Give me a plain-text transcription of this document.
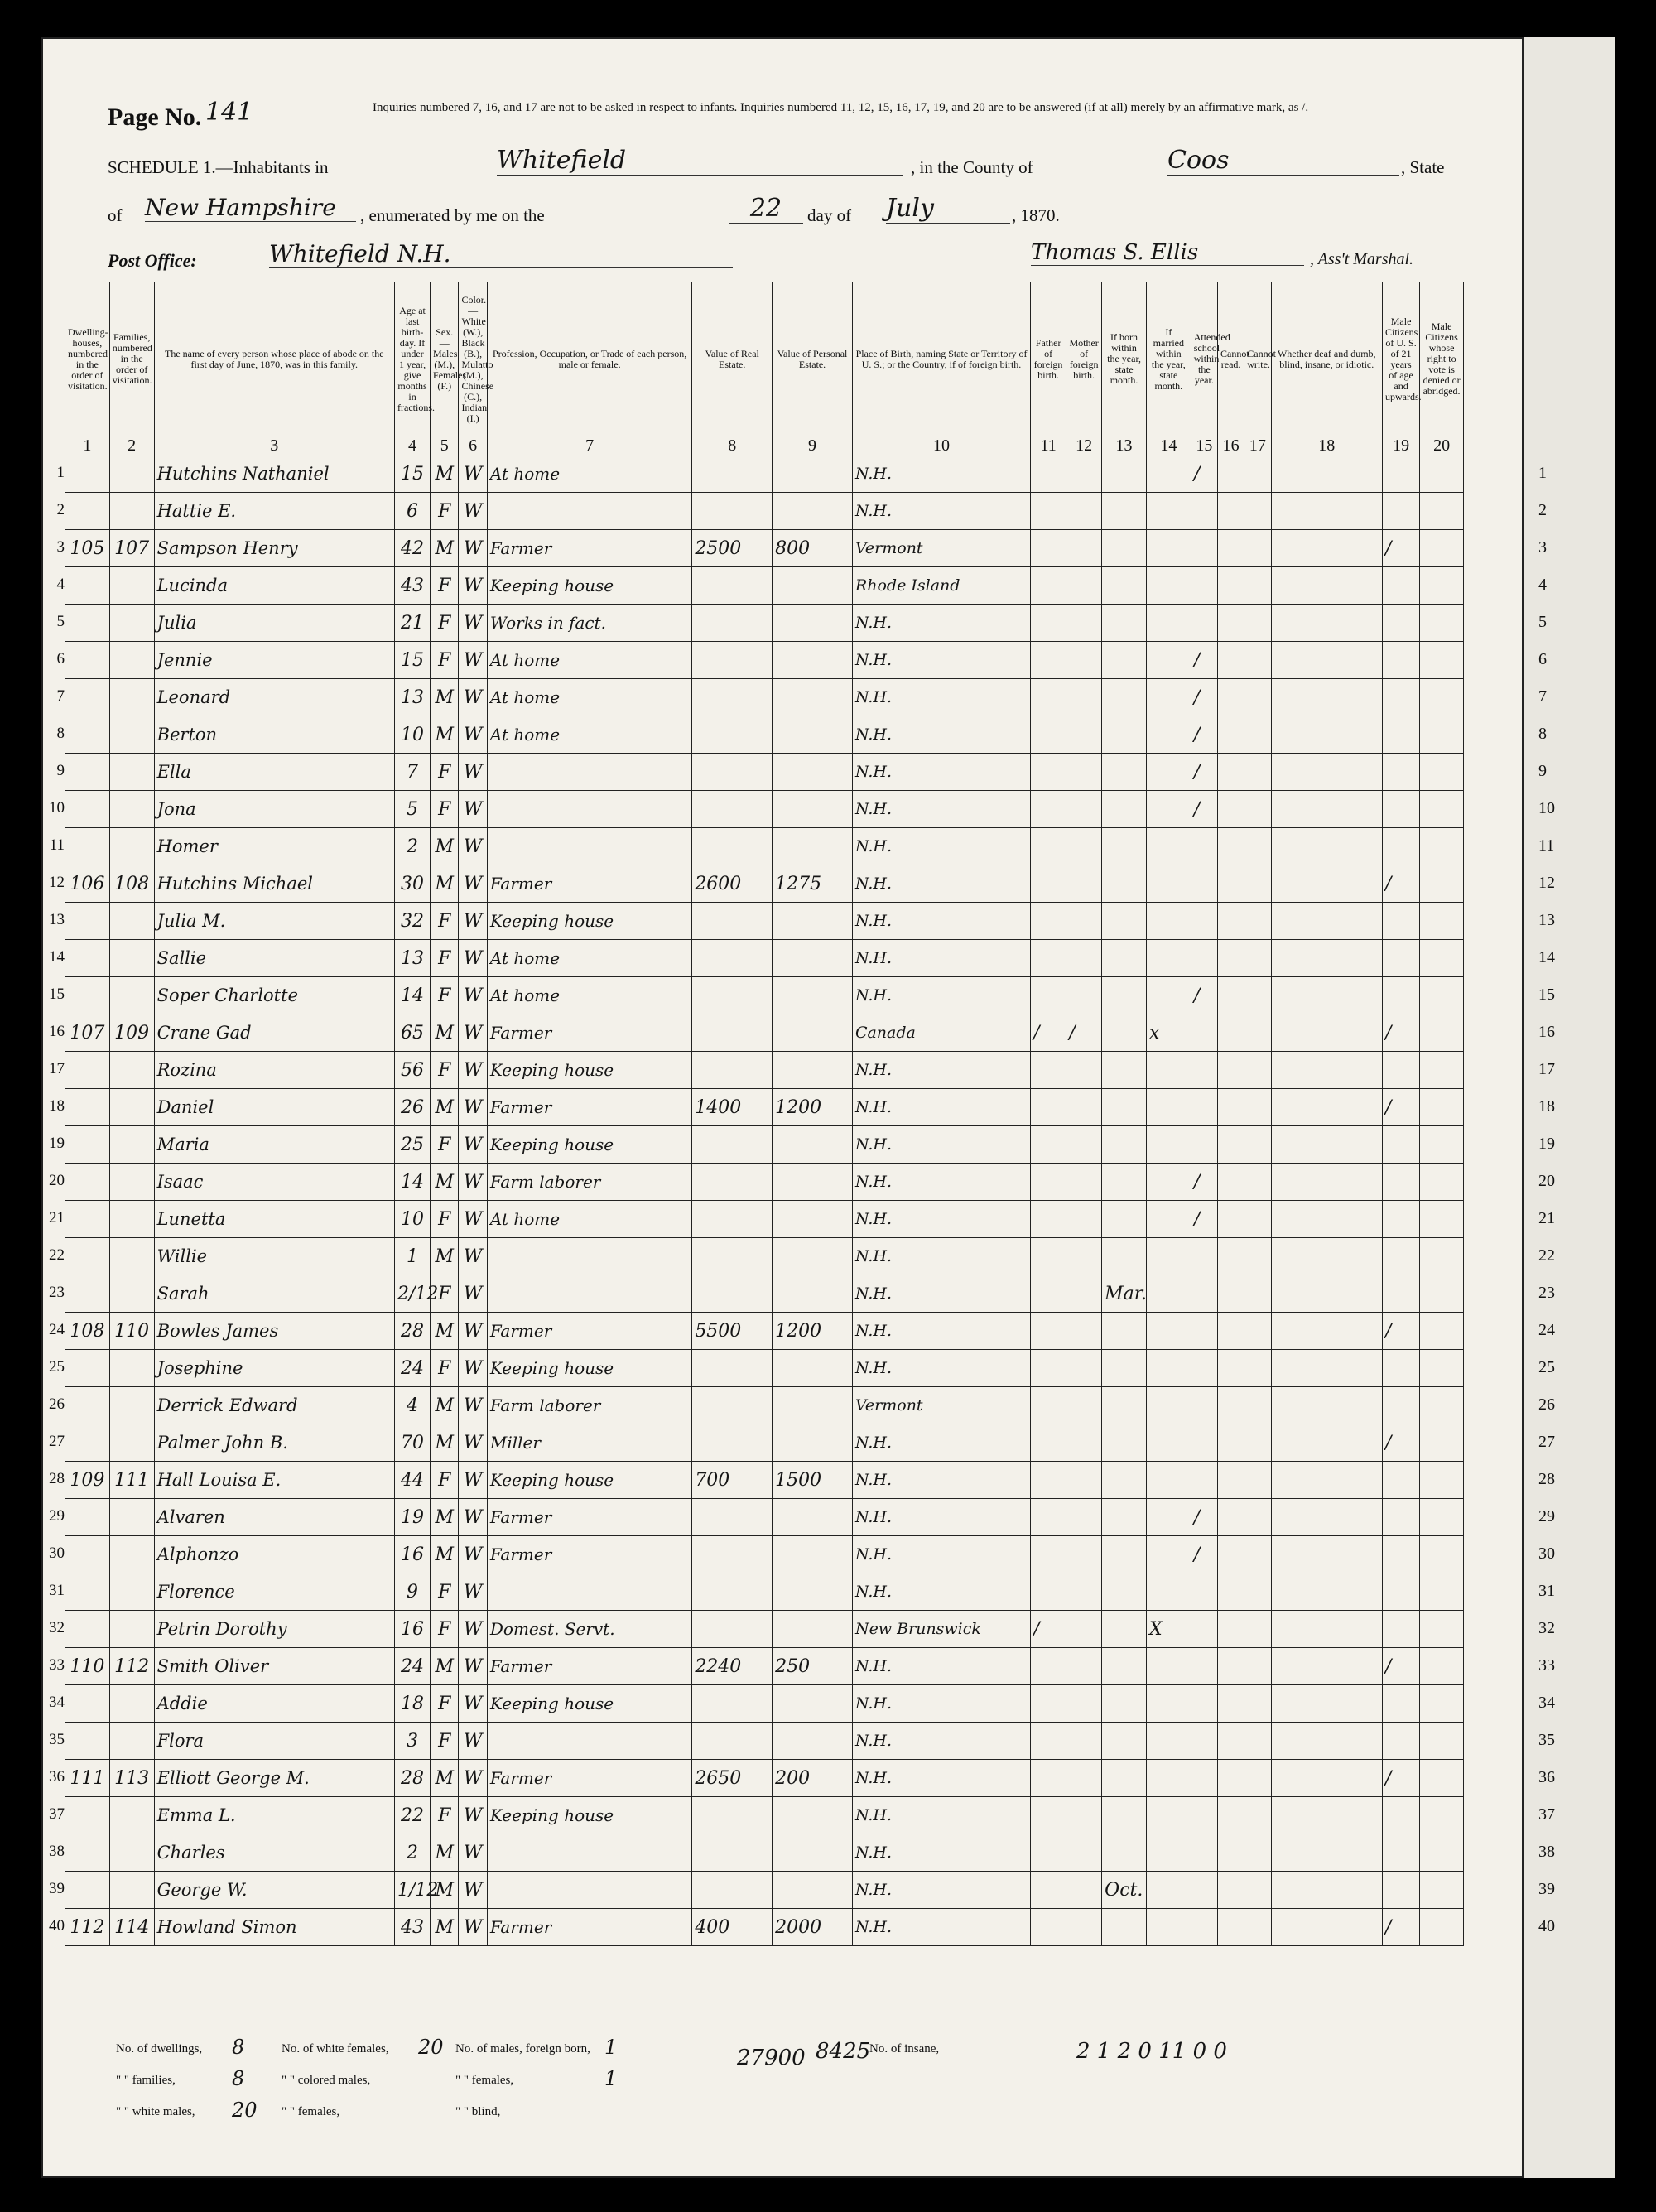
1
2
3
4
5
6
7
8
9
10
11
12
13
14
15
16
17
18
19
20
21
22
23
24
25
26
27
28
29
30
31
32
33
34
35
36
37
38
39
40
Page No. 141	Inquiries numbered 7, 16, and 17 are not to be asked in respect to infants. Inquiries numbered 11, 12, 15, 16, 17, 19, and 20 are to be answered (if at all) merely by an affirmative mark, as /.
SCHEDULE 1.—Inhabitants in	Whitefield	, in the County of	Coos	, State
of New Hampshire	, enumerated by me on the	22	day of July	, 1870.
Post Office:	Whitefield N.H.	Thomas S. Ellis	, Ass't Marshal.
Dwelling-houses, numbered in the order of visitation.	Families, numbered in the order of visitation.	The name of every person whose place of abode on the first day of June, 1870, was in this family.	Age at last birth-day. If under 1 year, give months in fractions.	Sex.—Males (M.), Females (F.)	Color.—White (W.), Black (B.), Mulatto (M.), Chinese (C.), Indian (I.)	Profession, Occupation, or Trade of each person, male or female.	Value of Real Estate.	Value of Personal Estate.	Place of Birth, naming State or Territory of U. S.; or the Country, if of foreign birth.	Father of foreign birth.	Mother of foreign birth.	If born within the year, state month.	If married within the year, state month.	Attended school within the year.	Cannot read.	Cannot write.	Whether deaf and dumb, blind, insane, or idiotic.	Male Citizens of U. S. of 21 years of age and upwards.	Male Citizens whose right to vote is denied or abridged.
1	2	3	4	5	6	7	8	9	10	11	12	13	14	15	16	17	18	19	20
		Hutchins Nathaniel	15	M	W	At home			N.H.					/					
		Hattie E.	6	F	W				N.H.										
105	107	Sampson Henry	42	M	W	Farmer	2500	800	Vermont									/	
		Lucinda	43	F	W	Keeping house			Rhode Island										
		Julia	21	F	W	Works in fact.			N.H.										
		Jennie	15	F	W	At home			N.H.					/					
		Leonard	13	M	W	At home			N.H.					/					
		Berton	10	M	W	At home			N.H.					/					
		Ella	7	F	W				N.H.					/					
		Jona	5	F	W				N.H.					/					
		Homer	2	M	W				N.H.										
106	108	Hutchins Michael	30	M	W	Farmer	2600	1275	N.H.									/	
		Julia M.	32	F	W	Keeping house			N.H.										
		Sallie	13	F	W	At home			N.H.										
		Soper Charlotte	14	F	W	At home			N.H.					/					
107	109	Crane Gad	65	M	W	Farmer			Canada	/	/		x					/	
		Rozina	56	F	W	Keeping house			N.H.										
		Daniel	26	M	W	Farmer	1400	1200	N.H.									/	
		Maria	25	F	W	Keeping house			N.H.										
		Isaac	14	M	W	Farm laborer			N.H.					/					
		Lunetta	10	F	W	At home			N.H.					/					
		Willie	1	M	W				N.H.										
		Sarah	2/12	F	W				N.H.			Mar.							
108	110	Bowles James	28	M	W	Farmer	5500	1200	N.H.									/	
		Josephine	24	F	W	Keeping house			N.H.										
		Derrick Edward	4	M	W	Farm laborer			Vermont										
		Palmer John B.	70	M	W	Miller			N.H.									/	
109	111	Hall Louisa E.	44	F	W	Keeping house	700	1500	N.H.										
		Alvaren	19	M	W	Farmer			N.H.					/					
		Alphonzo	16	M	W	Farmer			N.H.					/					
		Florence	9	F	W				N.H.										
		Petrin Dorothy	16	F	W	Domest. Servt.			New Brunswick	/			X						
110	112	Smith Oliver	24	M	W	Farmer	2240	250	N.H.									/	
		Addie	18	F	W	Keeping house			N.H.										
		Flora	3	F	W				N.H.										
111	113	Elliott George M.	28	M	W	Farmer	2650	200	N.H.									/	
		Emma L.	22	F	W	Keeping house			N.H.										
		Charles	2	M	W				N.H.										
		George W.	1/12	M	W				N.H.			Oct.							
112	114	Howland Simon	43	M	W	Farmer	400	2000	N.H.									/	
1
2
3
4
5
6
7
8
9
10
11
12
13
14
15
16
17
18
19
20
21
22
23
24
25
26
27
28
29
30
31
32
33
34
35
36
37
38
39
40
No. of dwellings, 8	No. of white females, 20 No. of males, foreign born, 1
" " families,	8	" " colored males,	" " females,	1
" " white males, 20 " " females,	" " blind,
27900 8425
No. of insane,	2 1 2 0 11 0 0
